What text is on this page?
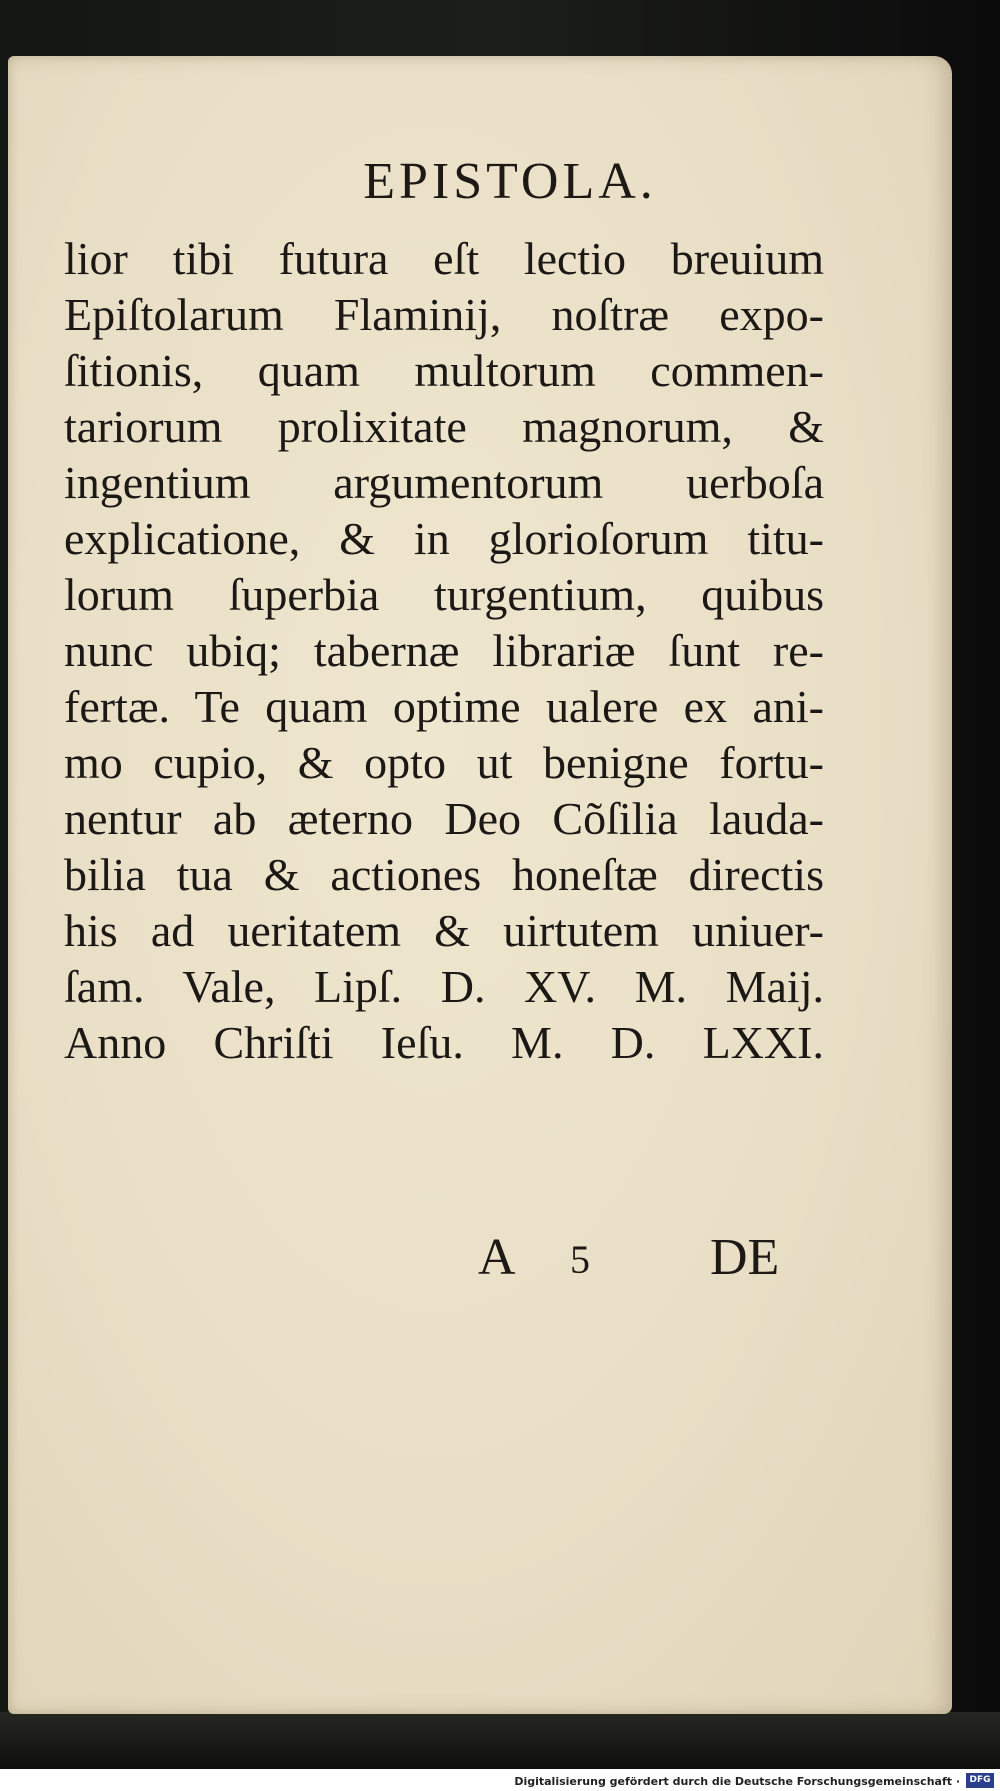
EPISTOLA.
lior tibi futura eſt lectio breuium
Epiſtolarum Flaminij, noſtræ expo-
ſitionis, quam multorum commen-
tariorum prolixitate magnorum, &
ingentium argumentorum uerboſa
explicatione, & in glorioſorum titu-
lorum ſuperbia turgentium, quibus
nunc ubiq; tabernæ librariæ ſunt re-
fertæ. Te quam optime ualere ex ani-
mo cupio, & opto ut benigne fortu-
nentur ab æterno Deo Cõſilia lauda-
bilia tua & actiones honeſtæ directis
his ad ueritatem & uirtutem uniuer-
ſam. Vale, Lipſ. D. XV. M. Maij.
Anno Chriſti Ieſu. M. D. LXXI.
A 5 DE
Digitalisierung gefördert durch die Deutsche Forschungsgemeinschaft ·	DFG
